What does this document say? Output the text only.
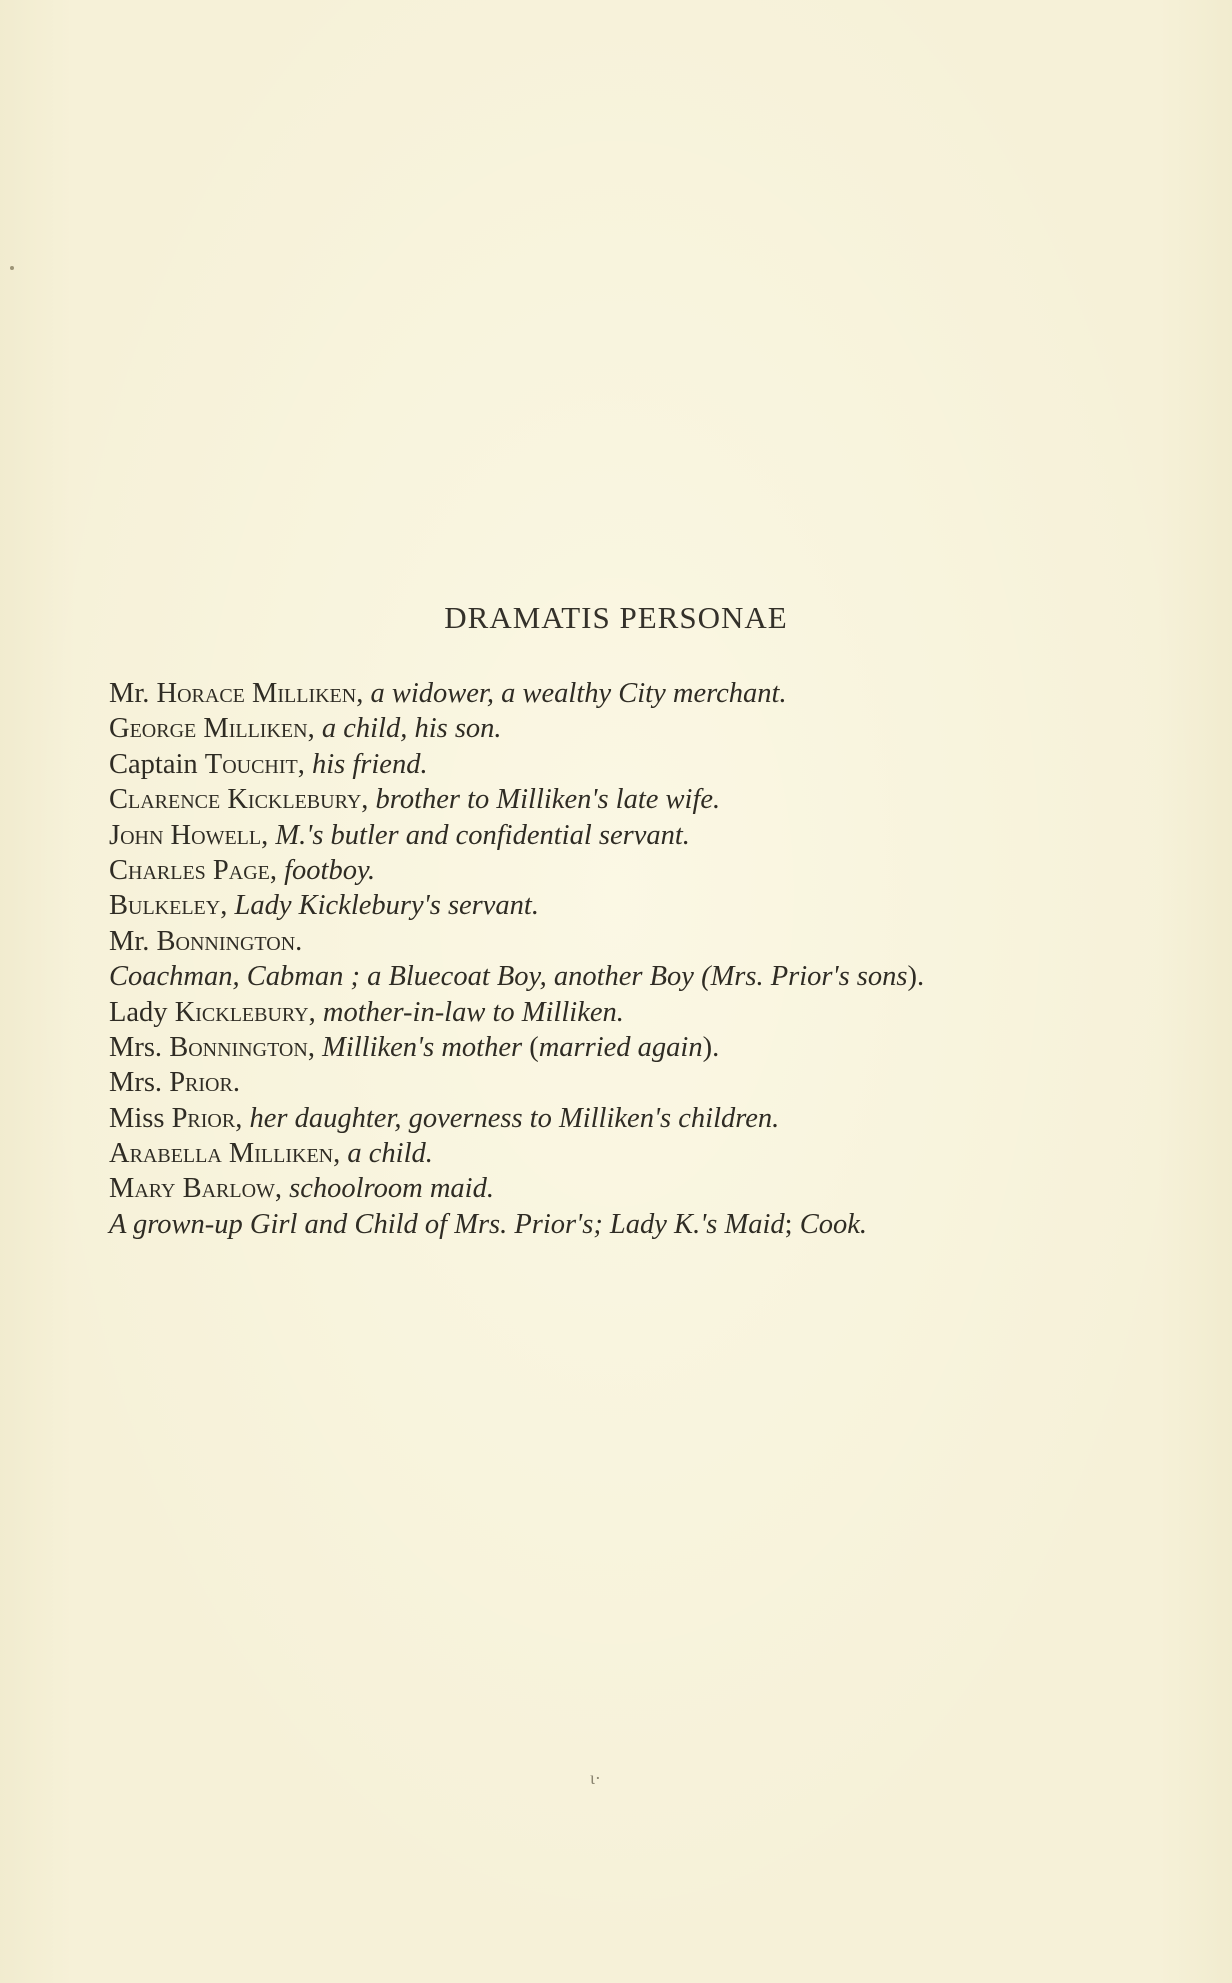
DRAMATIS PERSONAE
Mr. Horace Milliken, a widower, a wealthy City merchant.
George Milliken, a child, his son.
Captain Touchit, his friend.
Clarence Kicklebury, brother to Milliken's late wife.
John Howell, M.'s butler and confidential servant.
Charles Page, footboy.
Bulkeley, Lady Kicklebury's servant.
Mr. Bonnington.
Coachman, Cabman ; a Bluecoat Boy, another Boy (Mrs. Prior's sons).
Lady Kicklebury, mother-in-law to Milliken.
Mrs. Bonnington, Milliken's mother (married again).
Mrs. Prior.
Miss Prior, her daughter, governess to Milliken's children.
Arabella Milliken, a child.
Mary Barlow, schoolroom maid.
A grown-up Girl and Child of Mrs. Prior's; Lady K.'s Maid; Cook.
ι·
